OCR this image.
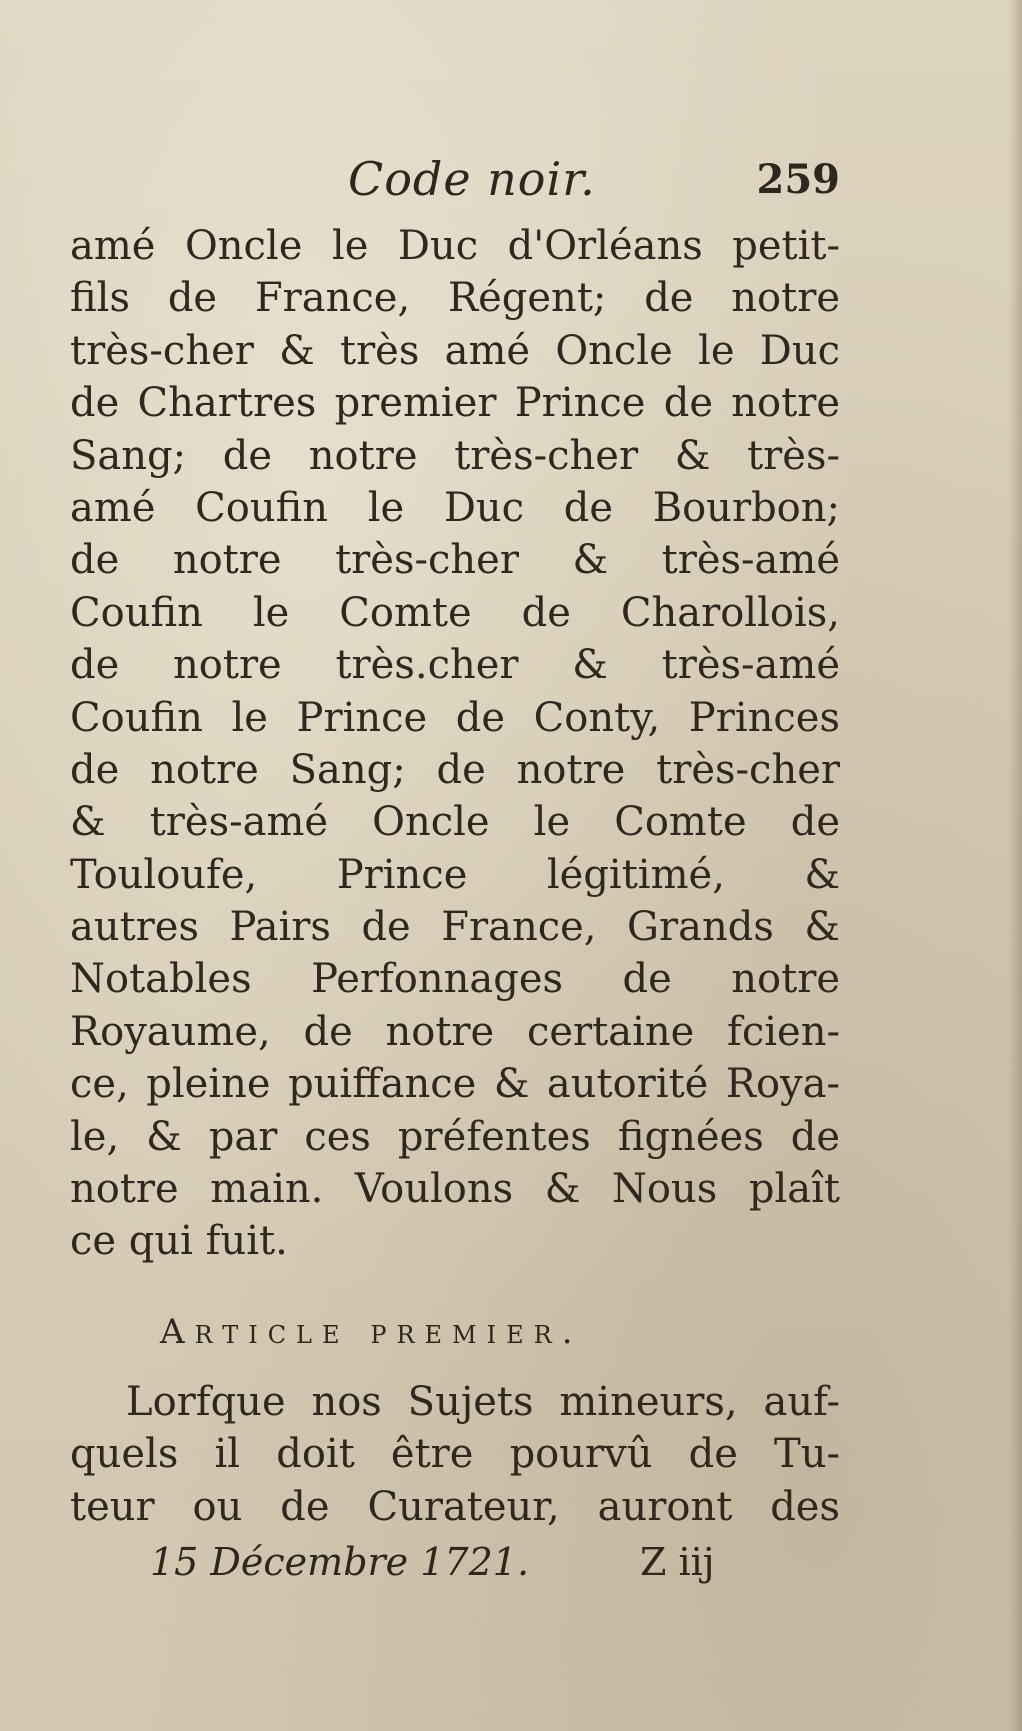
Code noir.	259
amé Oncle le Duc d'Orléans petit-
fils de France, Régent; de notre
très-cher & très amé Oncle le Duc
de Chartres premier Prince de notre
Sang; de notre très-cher & très-
amé Coufin le Duc de Bourbon;
de notre très-cher & très-amé
Coufin le Comte de Charollois,
de notre très.cher & très-amé
Coufin le Prince de Conty, Princes
de notre Sang; de notre très-cher
& très-amé Oncle le Comte de
Touloufe, Prince légitimé, &
autres Pairs de France, Grands &
Notables Perfonnages de notre
Royaume, de notre certaine fcien-
ce, pleine puiffance & autorité Roya-
le, & par ces préfentes fignées de
notre main. Voulons & Nous plaît
ce qui fuit.
Article premier.
Lorfque nos Sujets mineurs, auf-
quels il doit être pourvû de Tu-
teur ou de Curateur, auront des
15 Décembre 1721.	Z iij
